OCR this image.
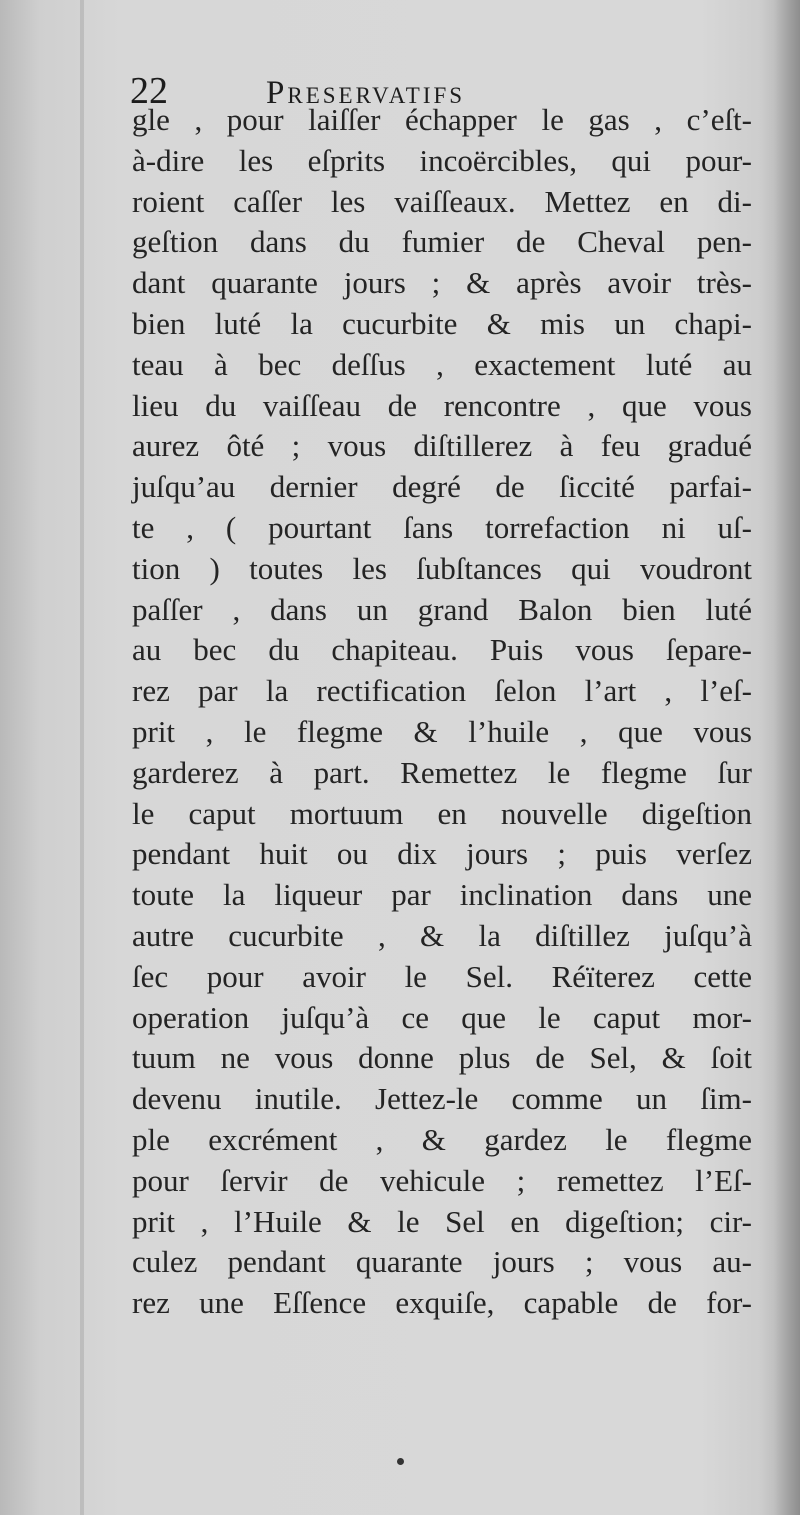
22	Preservatifs
gle , pour laiſſer échapper le gas , c’eſt-
à-dire les eſprits incoërcibles, qui pour-
roient caſſer les vaiſſeaux. Mettez en di-
geſtion dans du fumier de Cheval pen-
dant quarante jours ; & après avoir très-
bien luté la cucurbite & mis un chapi-
teau à bec deſſus , exactement luté au
lieu du vaiſſeau de rencontre , que vous
aurez ôté ; vous diſtillerez à feu gradué
juſqu’au dernier degré de ſiccité parfai-
te , ( pourtant ſans torrefaction ni uſ-
tion ) toutes les ſubſtances qui voudront
paſſer , dans un grand Balon bien luté
au bec du chapiteau. Puis vous ſepare-
rez par la rectification ſelon l’art , l’eſ-
prit , le flegme & l’huile , que vous
garderez à part. Remettez le flegme ſur
le caput mortuum en nouvelle digeſtion
pendant huit ou dix jours ; puis verſez
toute la liqueur par inclination dans une
autre cucurbite , & la diſtillez juſqu’à
ſec pour avoir le Sel. Réïterez cette
operation juſqu’à ce que le caput mor-
tuum ne vous donne plus de Sel, & ſoit
devenu inutile. Jettez-le comme un ſim-
ple excrément , & gardez le flegme
pour ſervir de vehicule ; remettez l’Eſ-
prit , l’Huile & le Sel en digeſtion; cir-
culez pendant quarante jours ; vous au-
rez une Eſſence exquiſe, capable de for-
